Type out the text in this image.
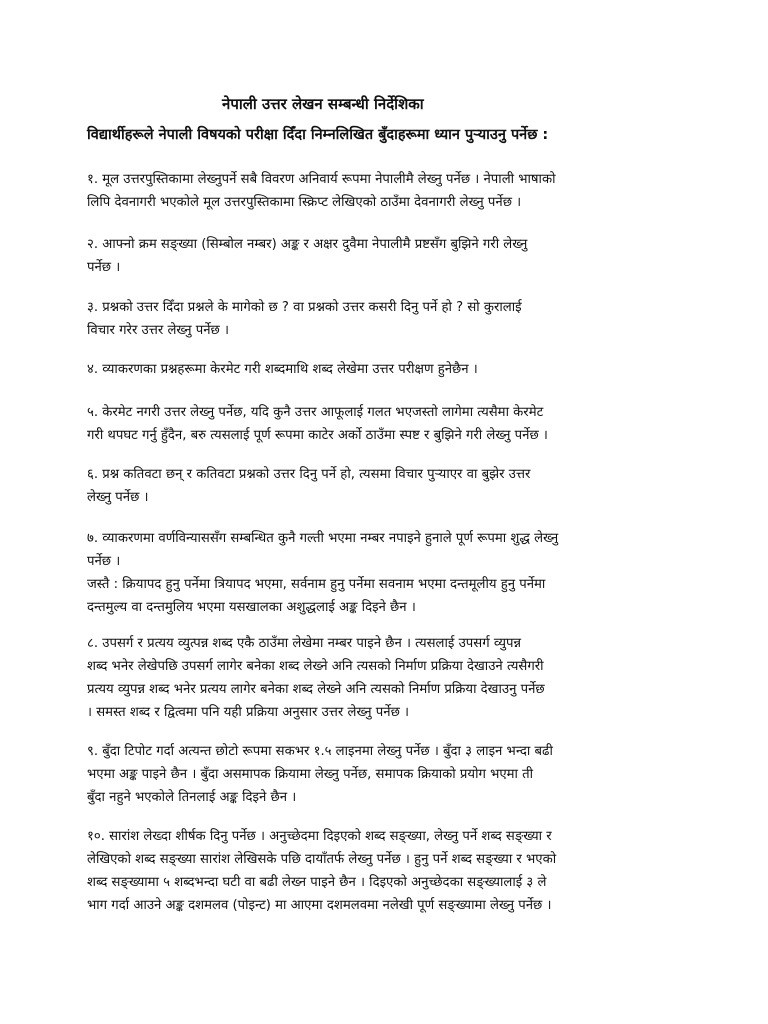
नेपाली उत्तर लेखन सम्बन्धी निर्देशिका
विद्यार्थीहरूले नेपाली विषयको परीक्षा दिँदा निम्नलिखित बुँदाहरूमा ध्यान पुर्‍याउनु पर्नेछ :
१. मूल उत्तरपुस्तिकामा लेख्नुपर्ने सबै विवरण अनिवार्य रूपमा नेपालीमै लेख्नु पर्नेछ । नेपाली भाषाको
लिपि देवनागरी भएकोले मूल उत्तरपुस्तिकामा स्क्रिप्ट लेखिएको ठाउँमा देवनागरी लेख्नु पर्नेछ ।
२. आफ्नो क्रम सङ्ख्या (सिम्बोल नम्बर) अङ्क र अक्षर दुवैमा नेपालीमै प्रष्टसँग बुझिने गरी लेख्नु
पर्नेछ ।
३. प्रश्नको उत्तर दिँदा प्रश्नले के मागेको छ ? वा प्रश्नको उत्तर कसरी दिनु पर्ने हो ? सो कुरालाई
विचार गरेर उत्तर लेख्नु पर्नेछ ।
४. व्याकरणका प्रश्नहरूमा केरमेट गरी शब्दमाथि शब्द लेखेमा उत्तर परीक्षण हुनेछैन ।
५. केरमेट नगरी उत्तर लेख्नु पर्नेछ, यदि कुनै उत्तर आफूलाई गलत भएजस्तो लागेमा त्यसैमा केरमेट
गरी थपघट गर्नु हुँदैन, बरु त्यसलाई पूर्ण रूपमा काटेर अर्को ठाउँमा स्पष्ट र बुझिने गरी लेख्नु पर्नेछ ।
६. प्रश्न कतिवटा छन् र कतिवटा प्रश्नको उत्तर दिनु पर्ने हो, त्यसमा विचार पुर्‍याएर वा बुझेर उत्तर
लेख्नु पर्नेछ ।
७. व्याकरणमा वर्णविन्याससँग सम्बन्धित कुनै गल्ती भएमा नम्बर नपाइने हुनाले पूर्ण रूपमा शुद्ध लेख्नु
पर्नेछ ।
जस्तै : क्रियापद हुनु पर्नेमा त्रियापद भएमा, सर्वनाम हुनु पर्नेमा सवनाम भएमा दन्तमूलीय हुनु पर्नेमा
दन्तमुल्य वा दन्तमुलिय भएमा यसखालका अशुद्धलाई अङ्क दिइने छैन ।
८. उपसर्ग र प्रत्यय व्युत्पन्न शब्द एकै ठाउँमा लेखेमा नम्बर पाइने छैन । त्यसलाई उपसर्ग व्युपन्न
शब्द भनेर लेखेपछि उपसर्ग लागेर बनेका शब्द लेख्ने अनि त्यसको निर्माण प्रक्रिया देखाउने त्यसैगरी
प्रत्यय व्युपन्न शब्द भनेर प्रत्यय लागेर बनेका शब्द लेख्ने अनि त्यसको निर्माण प्रक्रिया देखाउनु पर्नेछ
। समस्त शब्द र द्वित्वमा पनि यही प्रक्रिया अनुसार उत्तर लेख्नु पर्नेछ ।
९. बुँदा टिपोट गर्दा अत्यन्त छोटो रूपमा सकभर १.५ लाइनमा लेख्नु पर्नेछ । बुँदा ३ लाइन भन्दा बढी
भएमा अङ्क पाइने छैन । बुँदा असमापक क्रियामा लेख्नु पर्नेछ, समापक क्रियाको प्रयोग भएमा ती
बुँदा नहुने भएकोले तिनलाई अङ्क दिइने छैन ।
१०. सारांश लेख्दा शीर्षक दिनु पर्नेछ । अनुच्छेदमा दिइएको शब्द सङ्ख्या, लेख्नु पर्ने शब्द सङ्ख्या र
लेखिएको शब्द सङ्ख्या सारांश लेखिसके पछि दायाँतर्फ लेख्नु पर्नेछ । हुनु पर्ने शब्द सङ्ख्या र भएको
शब्द सङ्ख्यामा ५ शब्दभन्दा घटी वा बढी लेख्न पाइने छैन । दिइएको अनुच्छेदका सङ्ख्यालाई ३ ले
भाग गर्दा आउने अङ्क दशमलव (पोइन्ट) मा आएमा दशमलवमा नलेखी पूर्ण सङ्ख्यामा लेख्नु पर्नेछ ।
